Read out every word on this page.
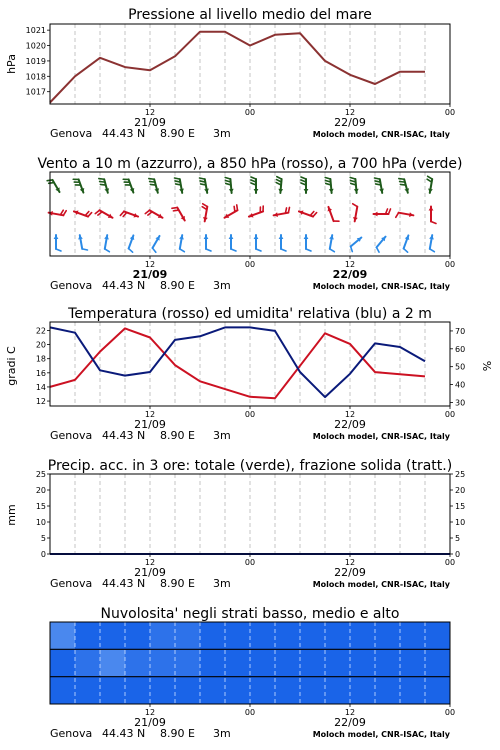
Pressione al livello medio del mare
hPa
12	00	12	00
21/09	22/09
Genova 44.43 N 8.90 E 3m	Moloch model, CNR-ISAC, Italy
1017
1018
1019
1020
1021
Vento a 10 m (azzurro), a 850 hPa (rosso), a 700 hPa (verde)
12	00	12	00
21/09	22/09
Genova 44.43 N 8.90 E 3m	Moloch model, CNR-ISAC, Italy
Temperatura (rosso) ed umidita' relativa (blu) a 2 m
gradi C	%
12	00	12	00
21/09	22/09
Genova 44.43 N 8.90 E 3m	Moloch model, CNR-ISAC, Italy
12
14
16
18
20
22
30
40
50
60
70
Precip. acc. in 3 ore: totale (verde), frazione solida (tratt.)
mm
12	00	12	00
21/09	22/09
Genova 44.43 N 8.90 E 3m	Moloch model, CNR-ISAC, Italy
0
5
10
15
20
25
0
5
10
15
20
25
Nuvolosita' negli strati basso, medio e alto
12	00	12	00
21/09	22/09
Genova 44.43 N 8.90 E 3m	Moloch model, CNR-ISAC, Italy
